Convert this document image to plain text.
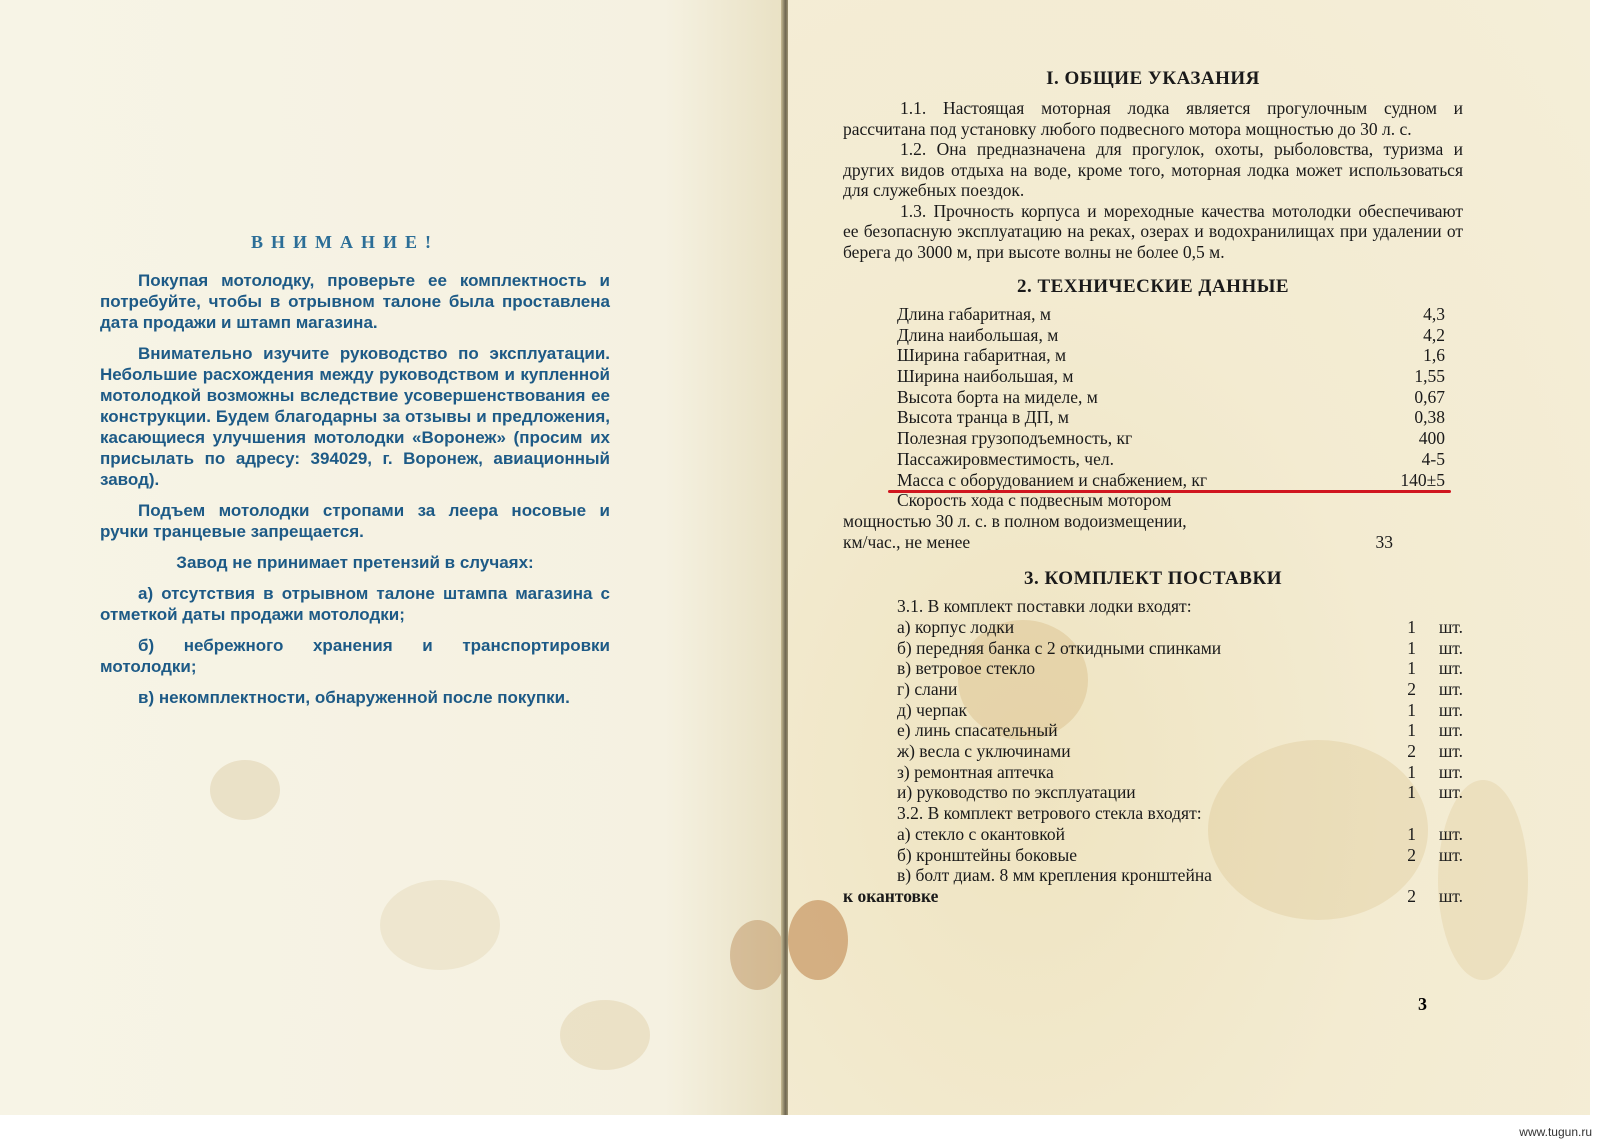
ВНИМАНИЕ!

Покупая мотолодку, проверьте ее комплектность и потребуйте, чтобы в отрывном талоне была проставлена дата продажи и штамп магазина.

Внимательно изучите руководство по эксплуатации. Небольшие расхождения между руководством и купленной мотолодкой возможны вследствие усовершенствования ее конструкции. Будем благодарны за отзывы и предложения, касающиеся улучшения мотолодки «Воронеж» (просим их присылать по адресу: 394029, г. Воронеж, авиационный завод).

Подъем мотолодки стропами за леера носовые и ручки транцевые запрещается.

Завод не принимает претензий в случаях:

а) отсутствия в отрывном талоне штампа магазина с отметкой даты продажи мотолодки;

б) небрежного хранения и транспортировки мотолодки;

в) некомплектности, обнаруженной после покупки.

I. ОБЩИЕ УКАЗАНИЯ

1.1. Настоящая моторная лодка является прогулочным судном и рассчитана под установку любого подвесного мотора мощностью до 30 л. с.

1.2. Она предназначена для прогулок, охоты, рыболовства, туризма и других видов отдыха на воде, кроме того, моторная лодка может использоваться для служебных поездок.

1.3. Прочность корпуса и мореходные качества мотолодки обеспечивают ее безопасную эксплуатацию на реках, озерах и водохранилищах при удалении от берега до 3000 м, при высоте волны не более 0,5 м.

2. ТЕХНИЧЕСКИЕ ДАННЫЕ
Длина габаритная, м	4,3
Длина наибольшая, м	4,2
Ширина габаритная, м	1,6
Ширина наибольшая, м	1,55
Высота борта на миделе, м	0,67
Высота транца в ДП, м	0,38
Полезная грузоподъемность, кг	400
Пассажировместимость, чел.	4-5
Масса с оборудованием и снабжением, кг	140±5
Скорость хода с подвесным мотором
мощностью 30 л. с. в полном водоизмещении,
км/час., не менее	33
3. КОМПЛЕКТ ПОСТАВКИ
3.1. В комплект поставки лодки входят:
а) корпус лодки	1	шт.
б) передняя банка с 2 откидными спинками	1	шт.
в) ветровое стекло	1	шт.
г) слани	2	шт.
д) черпак	1	шт.
е) линь спасательный	1	шт.
ж) весла с уключинами	2	шт.
з) ремонтная аптечка	1	шт.
и) руководство по эксплуатации	1	шт.
3.2. В комплект ветрового стекла входят:
а) стекло с окантовкой	1	шт.
б) кронштейны боковые	2	шт.
в) болт диам. 8 мм крепления кронштейна
к окантовке	2	шт.
3
www.tugun.ru
